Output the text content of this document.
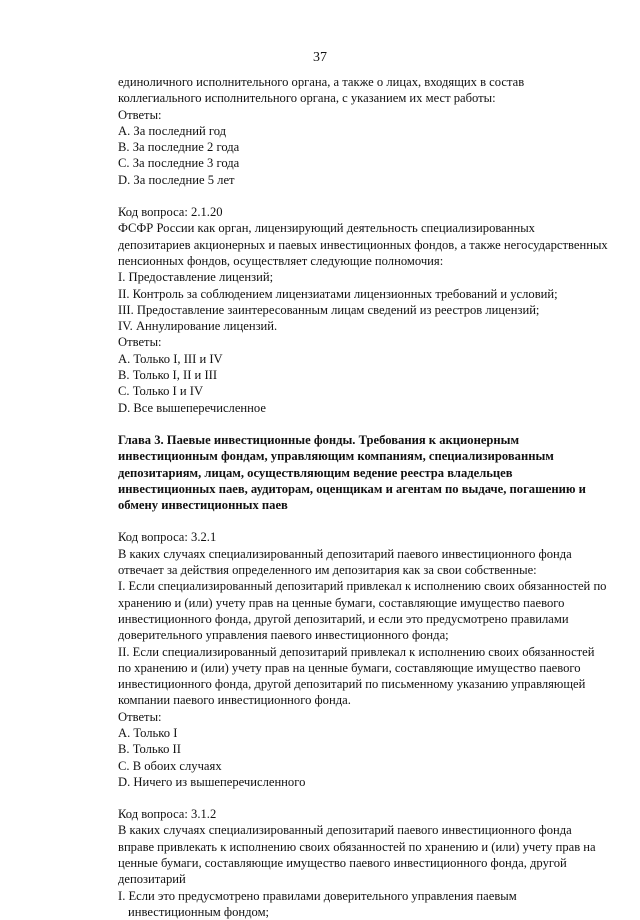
37
единоличного исполнительного органа, а также о лицах, входящих в состав
коллегиального исполнительного органа, с указанием их мест работы:
Ответы:
A. За последний год
B. За последние 2 года
C. За последние 3 года
D. За последние 5 лет
Код вопроса: 2.1.20
ФСФР России как орган, лицензирующий деятельность специализированных
депозитариев акционерных и паевых инвестиционных фондов, а также негосударственных
пенсионных фондов, осуществляет следующие полномочия:
I. Предоставление лицензий;
II. Контроль за соблюдением лицензиатами лицензионных требований и условий;
III. Предоставление заинтересованным лицам сведений из реестров лицензий;
IV. Аннулирование лицензий.
Ответы:
A. Только I, III и IV
B. Только I, II и III
C. Только I и IV
D. Все вышеперечисленное
Глава 3. Паевые инвестиционные фонды. Требования к акционерным
инвестиционным фондам, управляющим компаниям, специализированным
депозитариям, лицам, осуществляющим ведение реестра владельцев
инвестиционных паев, аудиторам, оценщикам и агентам по выдаче, погашению и
обмену инвестиционных паев
Код вопроса: 3.2.1
В каких случаях специализированный депозитарий паевого инвестиционного фонда
отвечает за действия определенного им депозитария как за свои собственные:
I. Если специализированный депозитарий привлекал к исполнению своих обязанностей по
хранению и (или) учету прав на ценные бумаги, составляющие имущество паевого
инвестиционного фонда, другой депозитарий, и если это предусмотрено правилами
доверительного управления паевого инвестиционного фонда;
II. Если специализированный депозитарий привлекал к исполнению своих обязанностей
по хранению и (или) учету прав на ценные бумаги, составляющие имущество паевого
инвестиционного фонда, другой депозитарий по письменному указанию управляющей
компании паевого инвестиционного фонда.
Ответы:
A. Только I
B. Только II
C. В обоих случаях
D. Ничего из вышеперечисленного
Код вопроса: 3.1.2
В каких случаях специализированный депозитарий паевого инвестиционного фонда
вправе привлекать к исполнению своих обязанностей по хранению и (или) учету прав на
ценные бумаги, составляющие имущество паевого инвестиционного фонда, другой
депозитарий
I. Если это предусмотрено правилами доверительного управления паевым
инвестиционным фондом;
